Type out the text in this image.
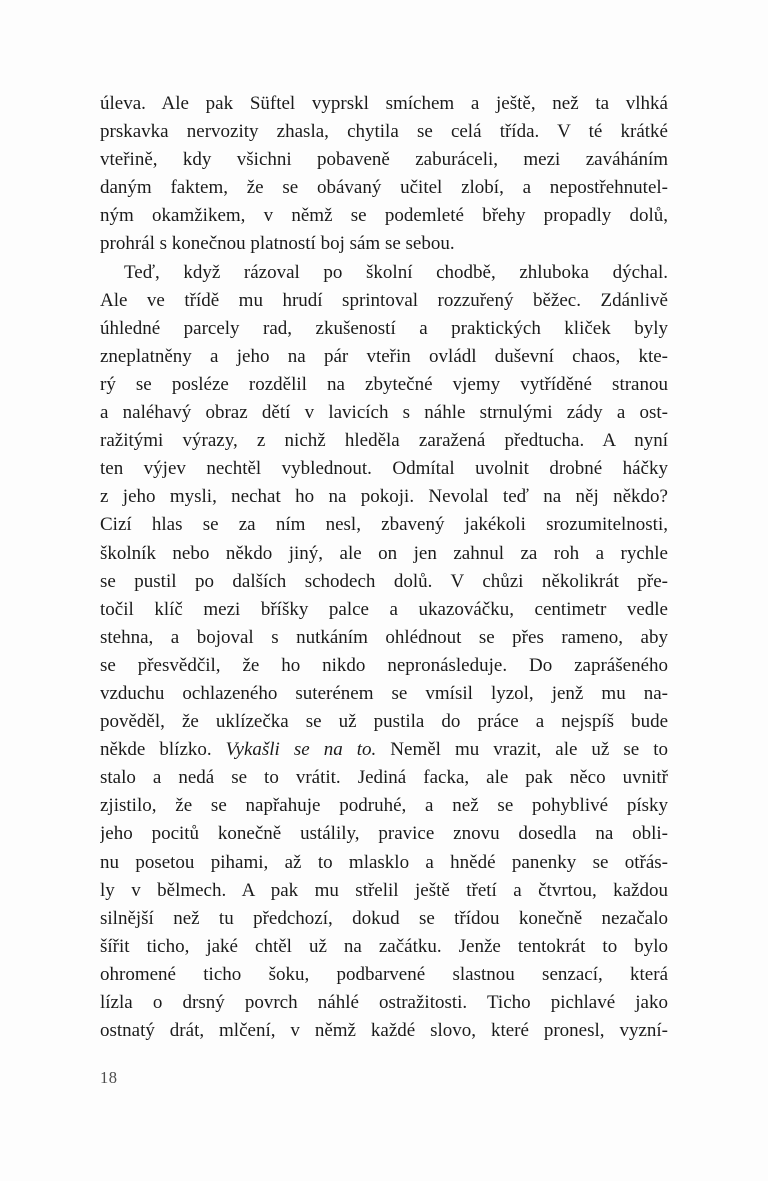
úleva. Ale pak Süftel vyprskl smíchem a ještě, než ta vlhká
prskavka nervozity zhasla, chytila se celá třída. V té krátké
vteřině, kdy všichni pobaveně zaburáceli, mezi zaváháním
daným faktem, že se obávaný učitel zlobí, a nepostřehnutel-
ným okamžikem, v němž se podemleté břehy propadly dolů,
prohrál s konečnou platností boj sám se sebou.
Teď, když rázoval po školní chodbě, zhluboka dýchal.
Ale ve třídě mu hrudí sprintoval rozzuřený běžec. Zdánlivě
úhledné parcely rad, zkušeností a praktických kliček byly
zneplatněny a jeho na pár vteřin ovládl duševní chaos, kte-
rý se posléze rozdělil na zbytečné vjemy vytříděné stranou
a naléhavý obraz dětí v lavicích s náhle strnulými zády a ost-
ražitými výrazy, z nichž hleděla zaražená předtucha. A nyní
ten výjev nechtěl vyblednout. Odmítal uvolnit drobné háčky
z jeho mysli, nechat ho na pokoji. Nevolal teď na něj někdo?
Cizí hlas se za ním nesl, zbavený jakékoli srozumitelnosti,
školník nebo někdo jiný, ale on jen zahnul za roh a rychle
se pustil po dalších schodech dolů. V chůzi několikrát pře-
točil klíč mezi bříšky palce a ukazováčku, centimetr vedle
stehna, a bojoval s nutkáním ohlédnout se přes rameno, aby
se přesvědčil, že ho nikdo nepronásleduje. Do zaprášeného
vzduchu ochlazeného suterénem se vmísil lyzol, jenž mu na-
pověděl, že uklízečka se už pustila do práce a nejspíš bude
někde blízko. Vykašli se na to. Neměl mu vrazit, ale už se to
stalo a nedá se to vrátit. Jediná facka, ale pak něco uvnitř
zjistilo, že se napřahuje podruhé, a než se pohyblivé písky
jeho pocitů konečně ustálily, pravice znovu dosedla na obli-
nu posetou pihami, až to mlasklo a hnědé panenky se otřás-
ly v bělmech. A pak mu střelil ještě třetí a čtvrtou, každou
silnější než tu předchozí, dokud se třídou konečně nezačalo
šířit ticho, jaké chtěl už na začátku. Jenže tentokrát to bylo
ohromené ticho šoku, podbarvené slastnou senzací, která
lízla o drsný povrch náhlé ostražitosti. Ticho pichlavé jako
ostnatý drát, mlčení, v němž každé slovo, které pronesl, vyzní-
18
